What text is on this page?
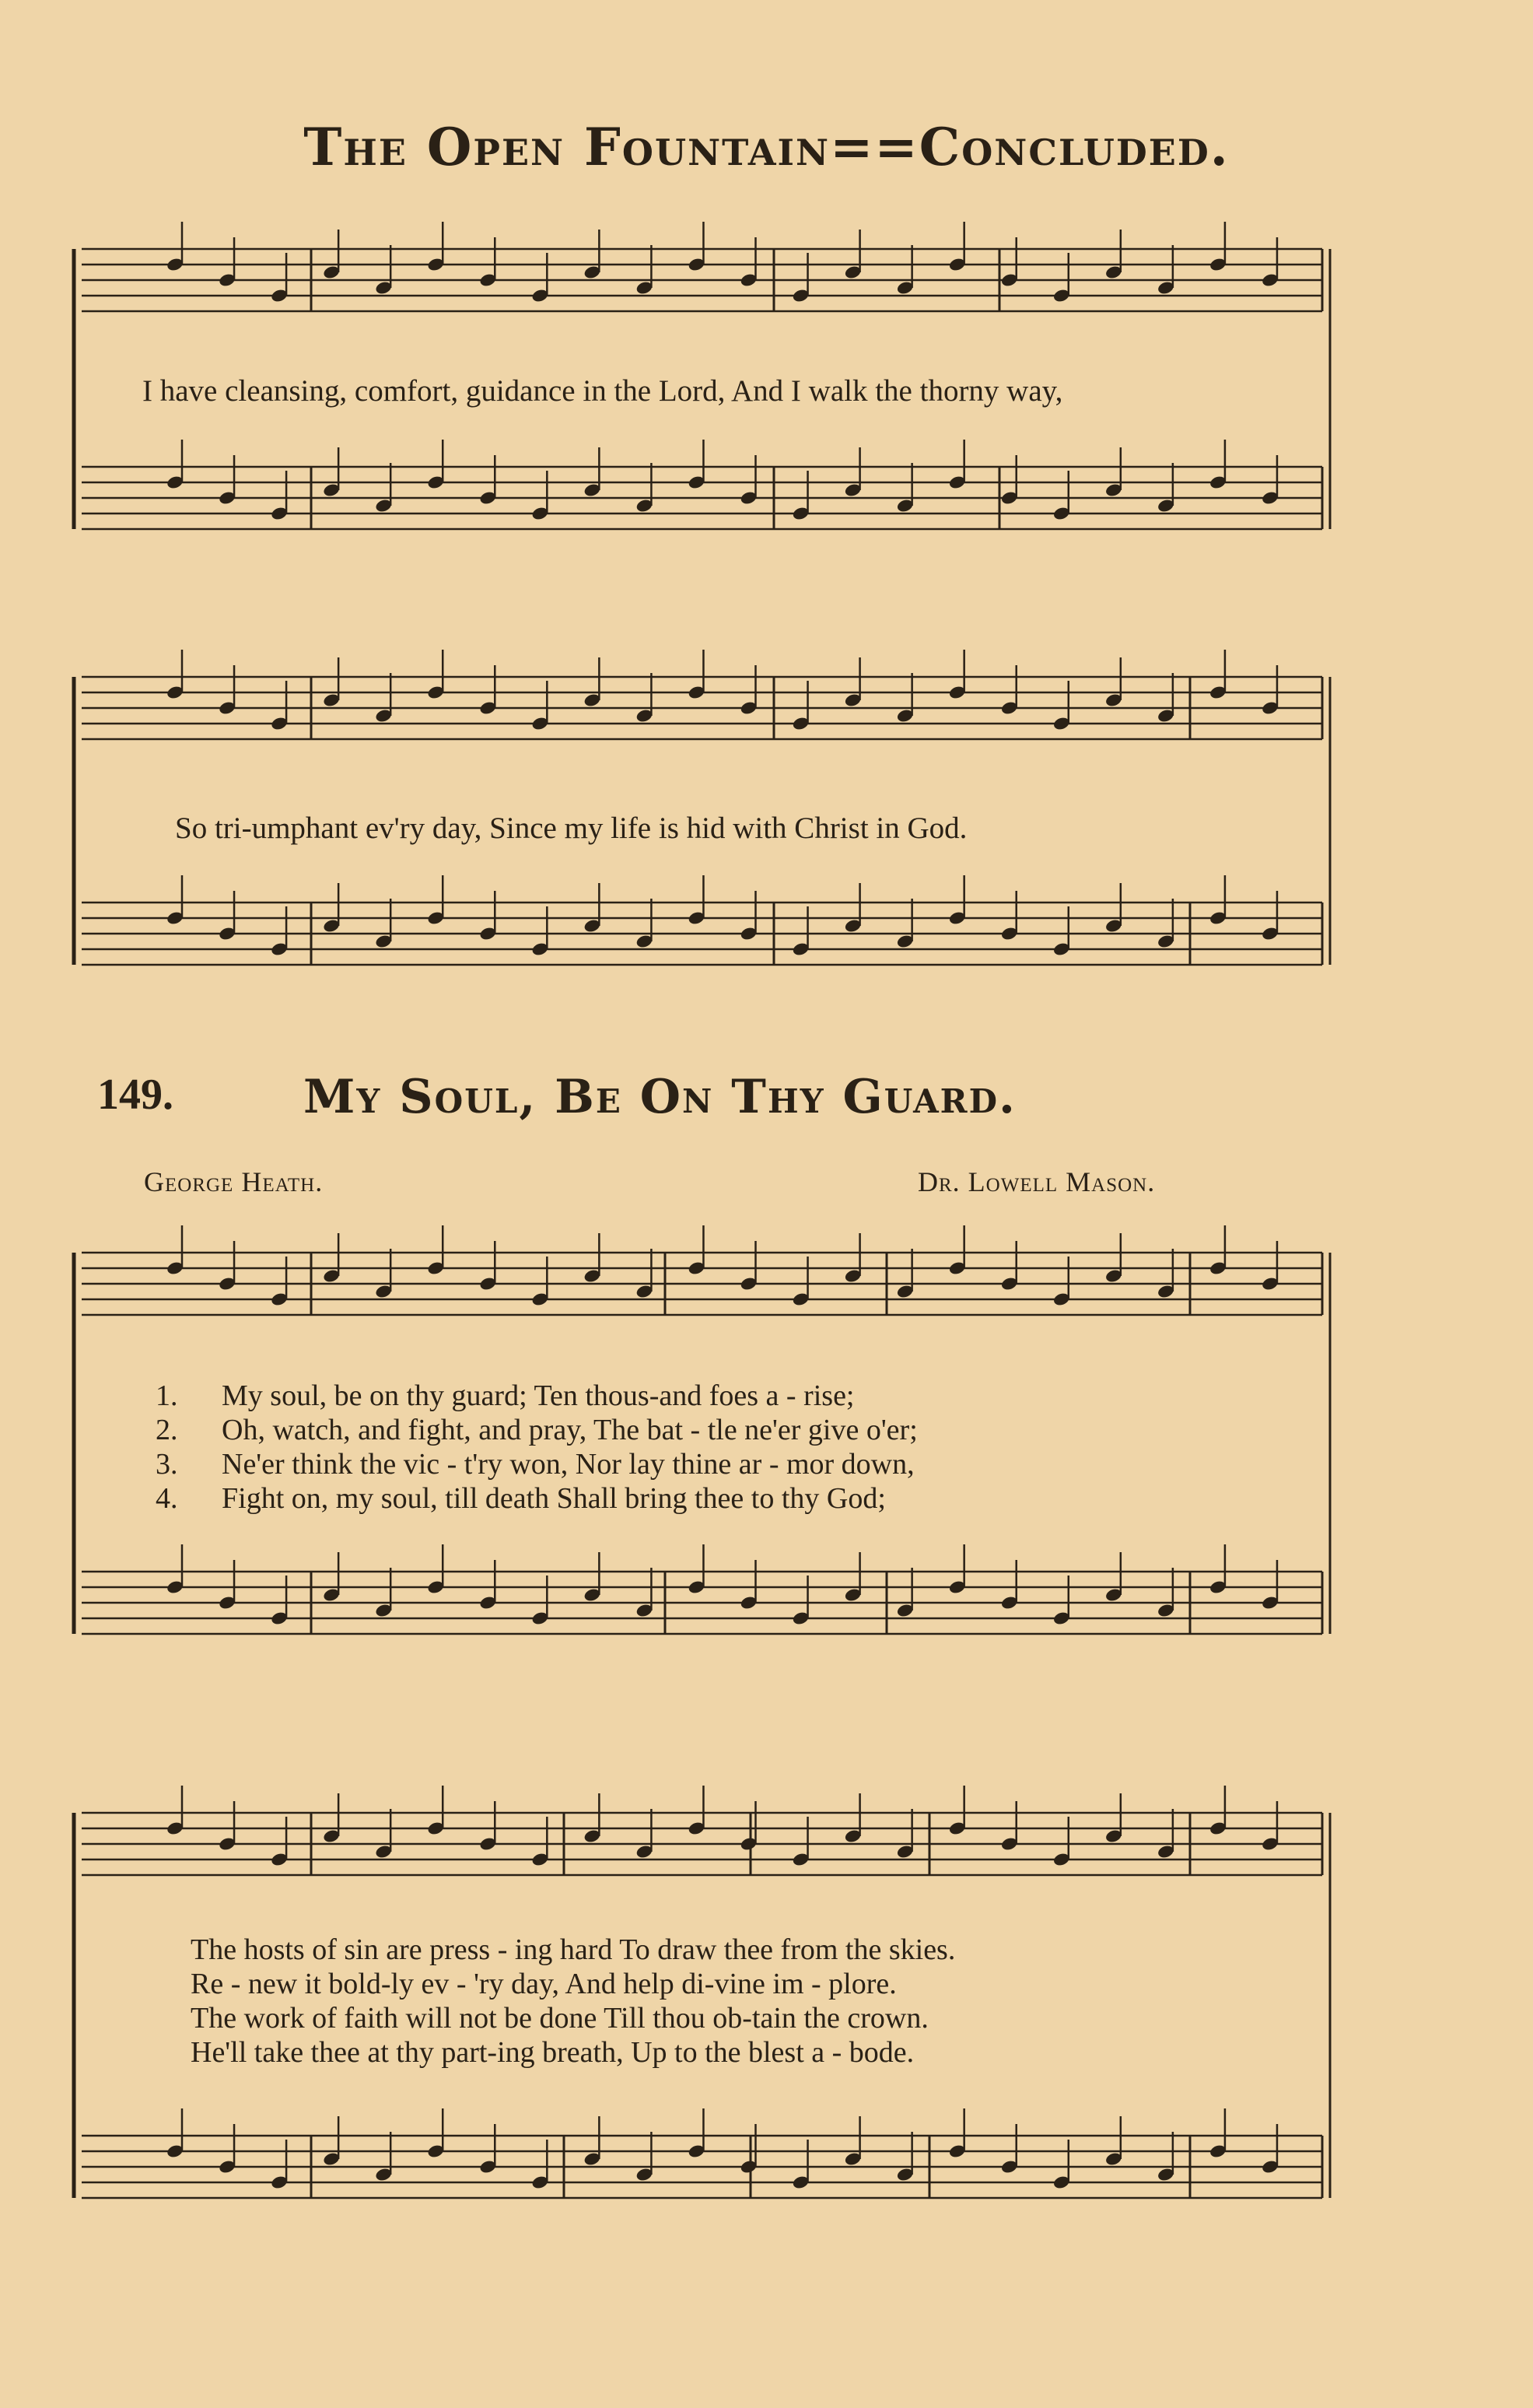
The Open Fountain==Concluded.
I have cleansing, comfort, guidance in the Lord, And I walk the thorny way,
So tri-umphant ev'ry day, Since my life is hid with Christ in God.
149.	My Soul, Be On Thy Guard.
George Heath.	Dr. Lowell Mason.
1. My soul, be on thy guard; Ten thous-and foes a - rise;
2. Oh, watch, and fight, and pray, The bat - tle ne'er give o'er;
3. Ne'er think the vic - t'ry won, Nor lay thine ar - mor down,
4. Fight on, my soul, till death Shall bring thee to thy God;
The hosts of sin are press - ing hard To draw thee from the skies.
Re - new it bold-ly ev - 'ry day, And help di-vine im - plore.
The work of faith will not be done Till thou ob-tain the crown.
He'll take thee at thy part-ing breath, Up to the blest a - bode.
